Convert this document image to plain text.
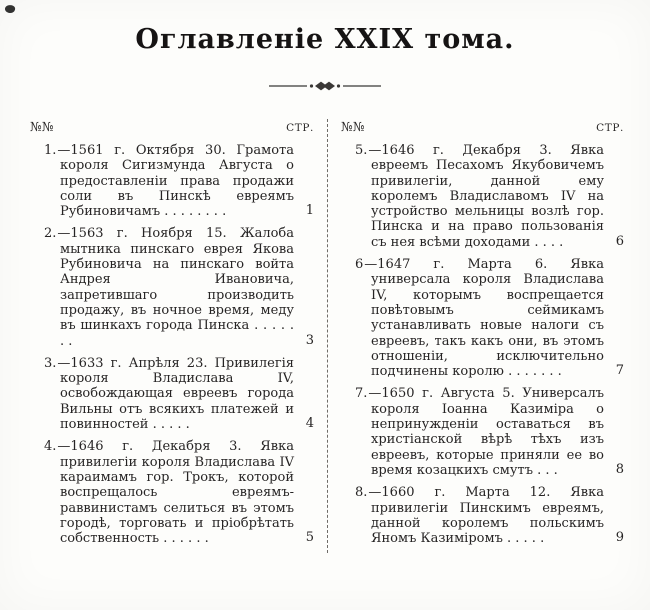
Оглавленіе XXIX тома.
№№	СТР.

1.—1561 г. Октября 30. Грамота короля Сигизмунда Августа о предоставленіи права продажи соли въ Пинскѣ евреямъ Рубиновичамъ . . . . . . . .	1

2.—1563 г. Ноября 15. Жалоба мытника пинскаго еврея Якова Рубиновича на пинскаго войта Андрея Ивановича, запретившаго производить продажу, въ ночное время, меду въ шинкахъ города Пинска . . . . . . .	3

3.—1633 г. Апрѣля 23. Привилегія короля Владислава IV, освобождающая евреевъ города Вильны отъ всякихъ платежей и повинностей . . . . .	4

4.—1646 г. Декабря 3. Явка привилегіи короля Владислава IV караимамъ гор. Трокъ, которой воспрещалось евреямъ-раввинистамъ селиться въ этомъ городѣ, торговать и пріобрѣтать собственность . . . . . .	5

№№	СТР.

5.—1646 г. Декабря 3. Явка евреемъ Песахомъ Якубовичемъ привилегіи, данной ему королемъ Владиславомъ IV на устройство мельницы возлѣ гор. Пинска и на право пользованія съ нея всѣми доходами . . . .	6

6—1647 г. Марта 6. Явка универсала короля Владислава IV, которымъ воспрещается повѣтовымъ сеймикамъ устанавливать новые налоги съ евреевъ, такъ какъ они, въ этомъ отношеніи, исключительно подчинены королю . . . . . . .	7

7.—1650 г. Августа 5. Универсалъ короля Іоанна Казиміра о непринужденіи оставаться въ христіанской вѣрѣ тѣхъ изъ евреевъ, которые приняли ее во время козацкихъ смутъ . . .	8

8.—1660 г. Марта 12. Явка привилегіи Пинскимъ евреямъ, данной королемъ польскимъ Яномъ Казиміромъ . . . . .	9
